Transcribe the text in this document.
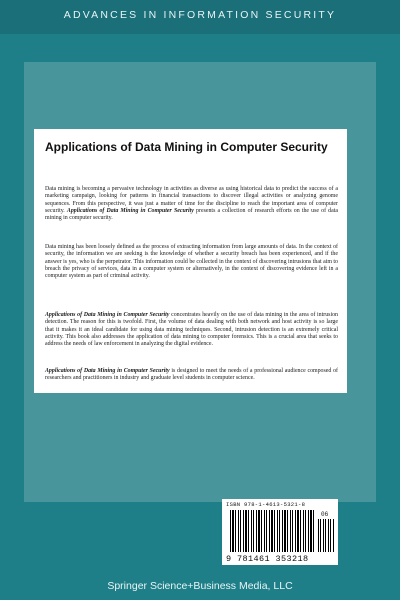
ADVANCES IN INFORMATION SECURITY
Applications of Data Mining in Computer Security

Data mining is becoming a pervasive technology in activities as diverse as using historical data to predict the success of a marketing campaign, looking for patterns in financial transactions to discover illegal activities or analyzing genome sequences. From this perspective, it was just a matter of time for the discipline to reach the important area of computer security. Applications of Data Mining in Computer Security presents a collection of research efforts on the use of data mining in computer security.

Data mining has been loosely defined as the process of extracting information from large amounts of data. In the context of security, the information we are seeking is the knowledge of whether a security breach has been experienced, and if the answer is yes, who is the perpetrator. This information could be collected in the context of discovering intrusions that aim to breach the privacy of services, data in a computer system or alternatively, in the context of discovering evidence left in a computer system as part of criminal activity.

Applications of Data Mining in Computer Security concentrates heavily on the use of data mining in the area of intrusion detection. The reason for this is twofold. First, the volume of data dealing with both network and host activity is so large that it makes it an ideal candidate for using data mining techniques. Second, intrusion detection is an extremely critical activity. This book also addresses the application of data mining to computer forensics. This is a crucial area that seeks to address the needs of law enforcement in analyzing the digital evidence.

Applications of Data Mining in Computer Security is designed to meet the needs of a professional audience composed of researchers and practitioners in industry and graduate level students in computer science.

ISBN 978-1-4613-5321-8
06
9 781461 353218
Springer Science+Business Media, LLC
